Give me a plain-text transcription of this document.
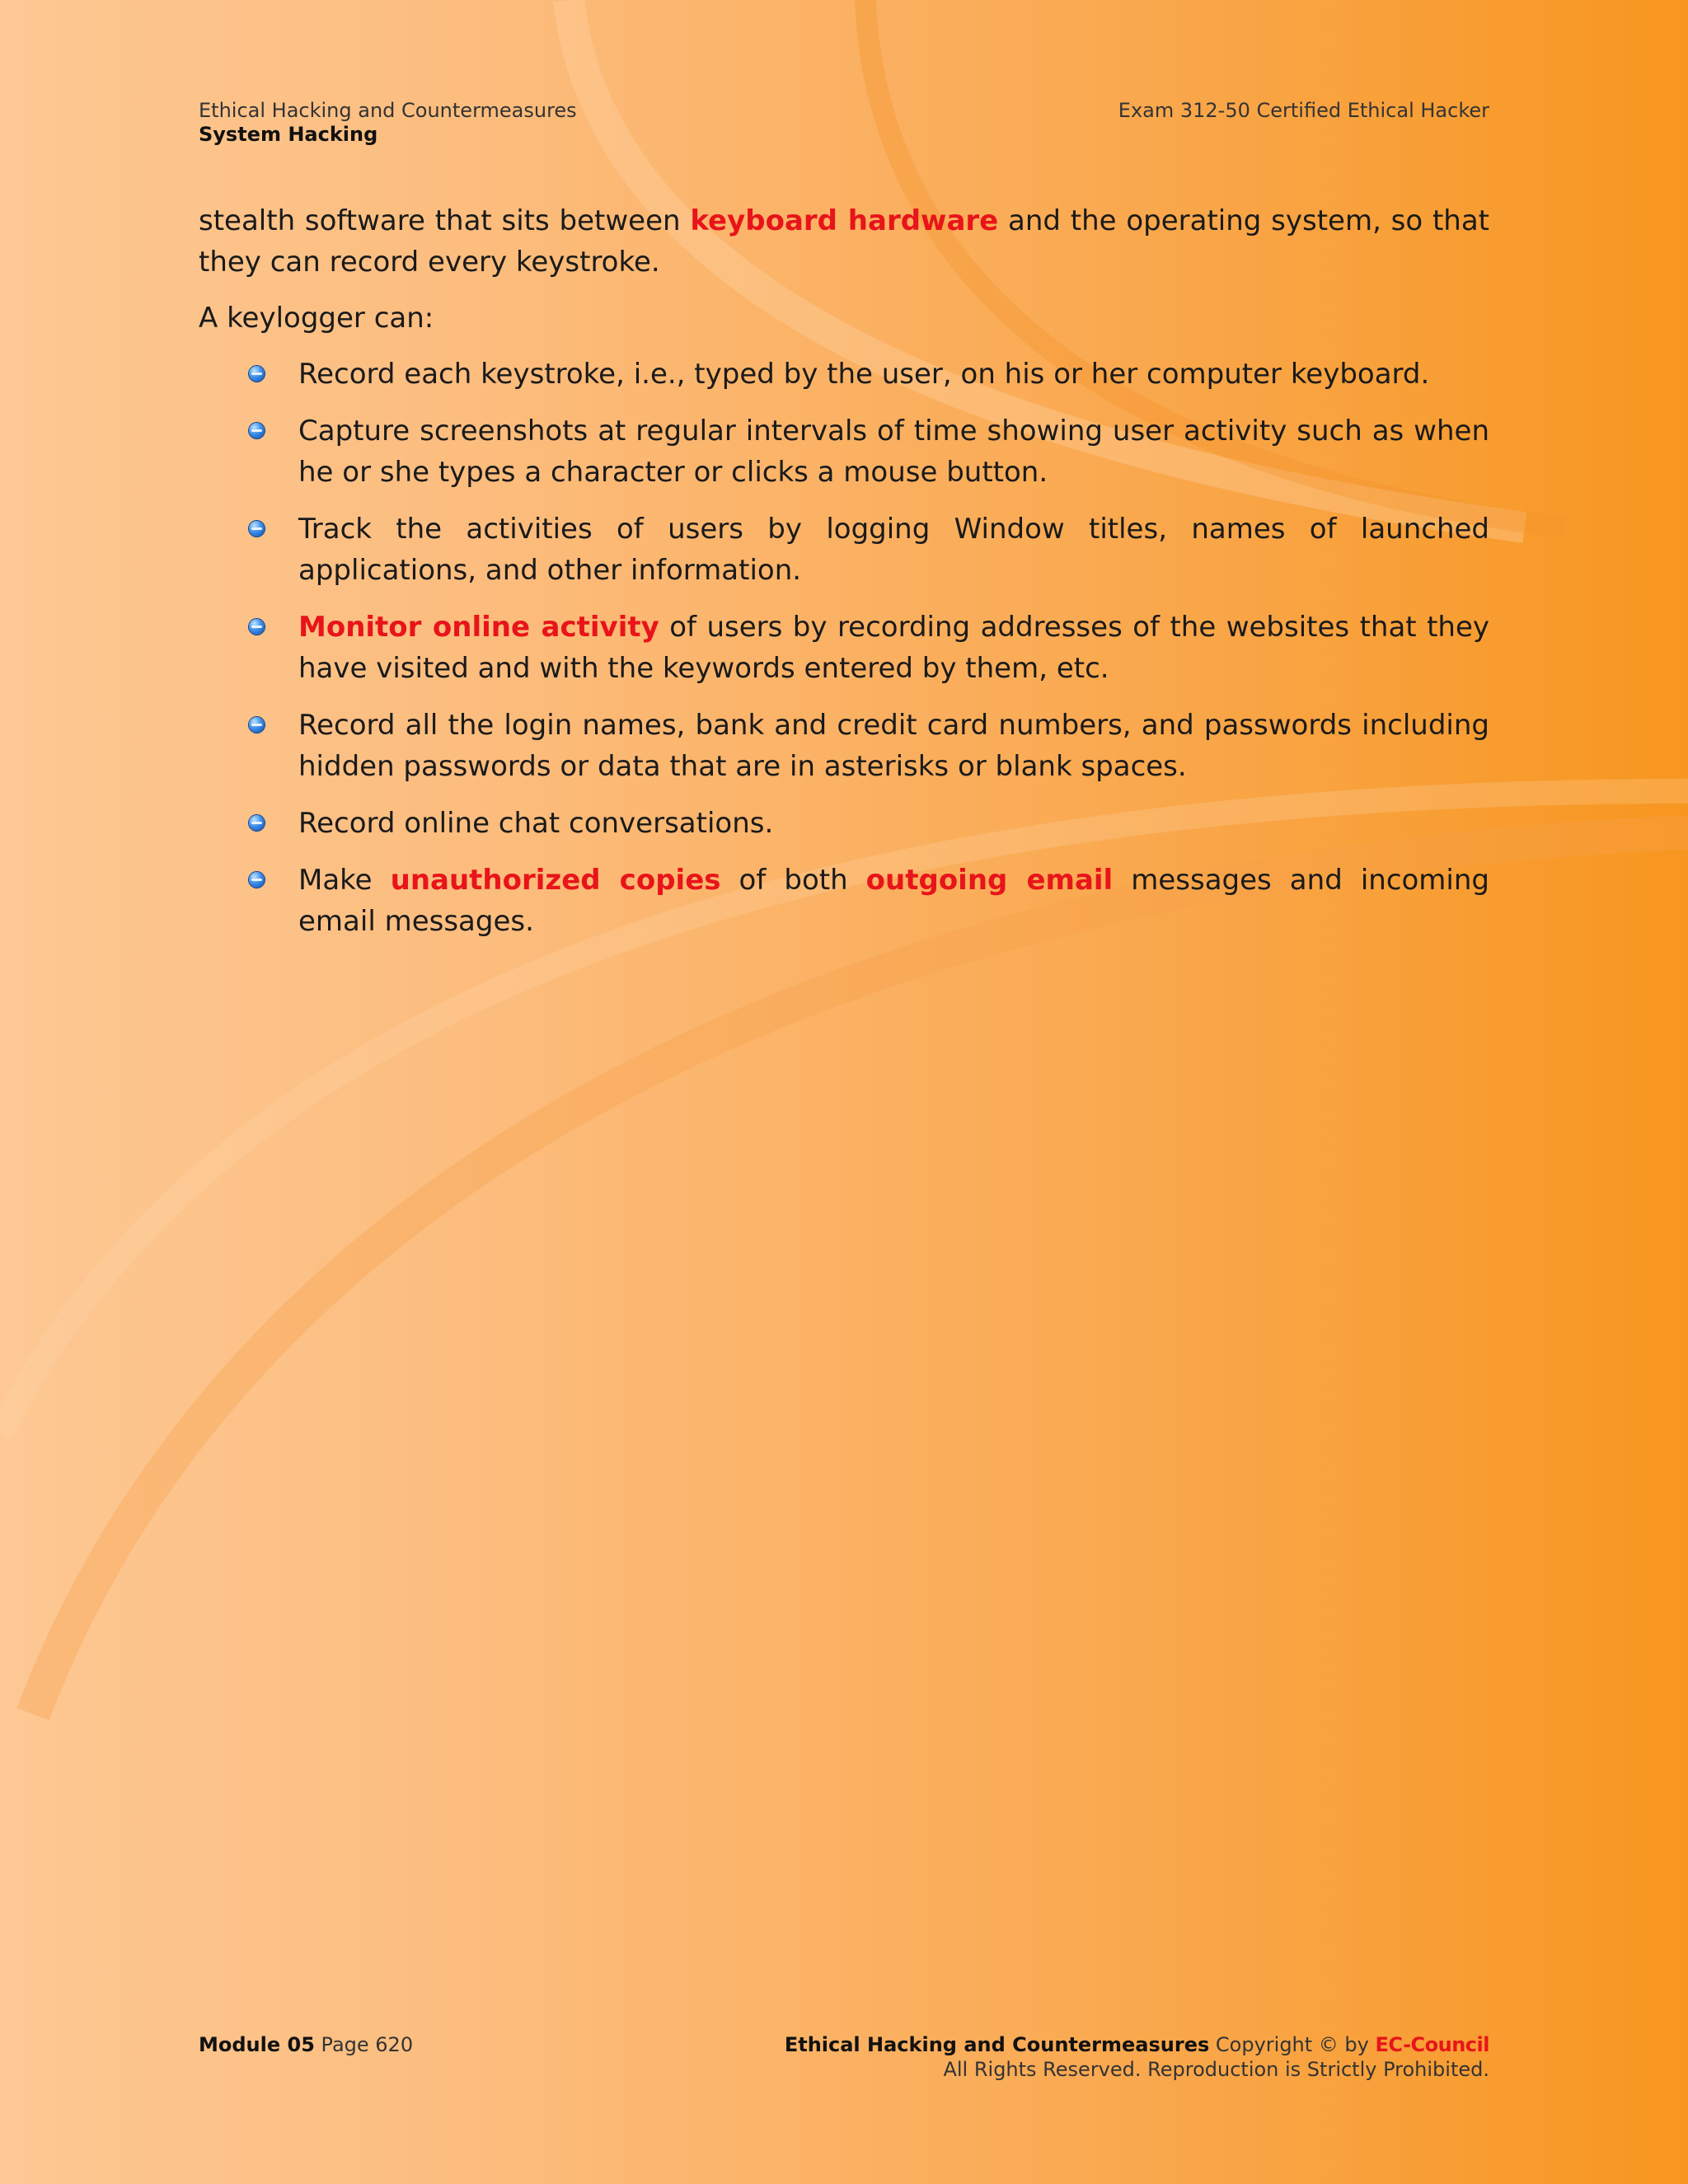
Ethical Hacking and Countermeasures
System Hacking
Exam 312-50 Certified Ethical Hacker

stealth software that sits between keyboard hardware and the operating system, so that they can record every keystroke.

A keylogger can:

Record each keystroke, i.e., typed by the user, on his or her computer keyboard.
Capture screenshots at regular intervals of time showing user activity such as when he or she types a character or clicks a mouse button.
Track the activities of users by logging Window titles, names of launched applications, and other information.
Monitor online activity of users by recording addresses of the websites that they have visited and with the keywords entered by them, etc.
Record all the login names, bank and credit card numbers, and passwords including hidden passwords or data that are in asterisks or blank spaces.
Record online chat conversations.
Make unauthorized copies of both outgoing email messages and incoming email messages.
Module 05 Page 620	Ethical Hacking and Countermeasures Copyright © by EC-Council
All Rights Reserved. Reproduction is Strictly Prohibited.
